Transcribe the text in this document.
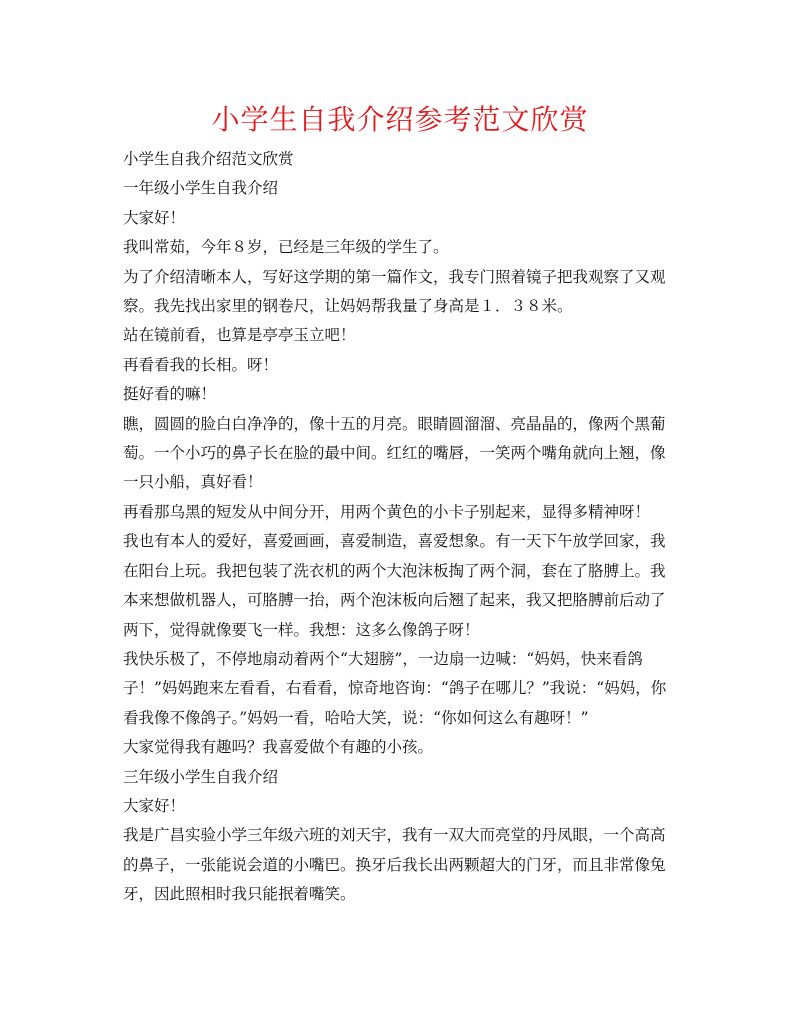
小学生自我介绍参考范文欣赏

小学生自我介绍范文欣赏

一年级小学生自我介绍

大家好！

我叫常茹，今年８岁，已经是三年级的学生了。

为了介绍清晰本人，写好这学期的第一篇作文，我专门照着镜子把我观察了又观察。我先找出家里的钢卷尺，让妈妈帮我量了身高是１．３８米。

站在镜前看，也算是亭亭玉立吧！

再看看我的长相。呀！

挺好看的嘛！

瞧，圆圆的脸白白净净的，像十五的月亮。眼睛圆溜溜、亮晶晶的，像两个黑葡萄。一个小巧的鼻子长在脸的最中间。红红的嘴唇，一笑两个嘴角就向上翘，像一只小船，真好看！

再看那乌黑的短发从中间分开，用两个黄色的小卡子别起来，显得多精神呀！

我也有本人的爱好，喜爱画画，喜爱制造，喜爱想象。有一天下午放学回家，我在阳台上玩。我把包装了洗衣机的两个大泡沫板掏了两个洞，套在了胳膊上。我本来想做机器人，可胳膊一抬，两个泡沫板向后翘了起来，我又把胳膊前后动了两下，觉得就像要飞一样。我想：这多么像鸽子呀！

我快乐极了，不停地扇动着两个“大翅膀”，一边扇一边喊：“妈妈，快来看鸽子！”妈妈跑来左看看，右看看，惊奇地咨询：“鸽子在哪儿？”我说：“妈妈，你看我像不像鸽子。”妈妈一看，哈哈大笑，说：“你如何这么有趣呀！”

大家觉得我有趣吗？我喜爱做个有趣的小孩。

三年级小学生自我介绍

大家好！

我是广昌实验小学三年级六班的刘天宇，我有一双大而亮堂的丹凤眼，一个高高的鼻子，一张能说会道的小嘴巴。换牙后我长出两颗超大的门牙，而且非常像兔牙，因此照相时我只能抿着嘴笑。
